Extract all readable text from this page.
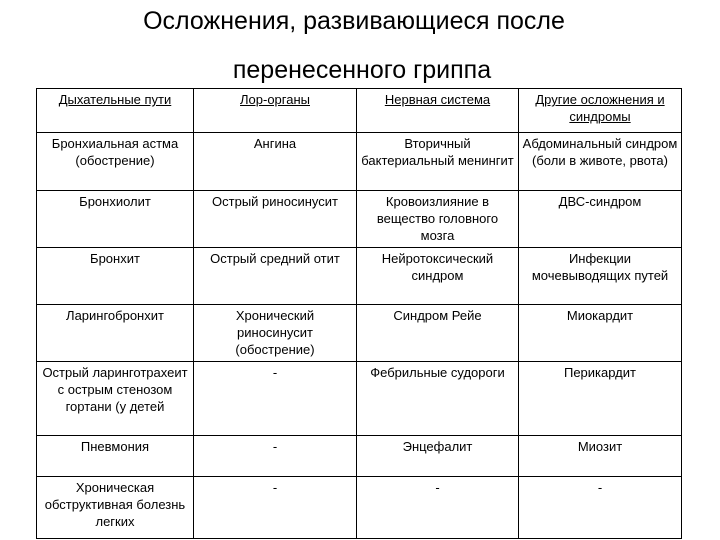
Осложнения, развивающиеся после
перенесенного гриппа
Дыхательные пути	Лор-органы	Нервная система	Другие осложнения и синдромы
Бронхиальная астма (обострение)	Ангина	Вторичный бактериальный менингит	Абдоминальный синдром (боли в животе, рвота)
Бронхиолит	Острый риносинусит	Кровоизлияние в вещество головного мозга	ДВС-синдром
Бронхит	Острый средний отит	Нейротоксический синдром	Инфекции мочевыводящих путей
Ларингобронхит	Хронический риносинусит (обострение)	Синдром Рейе	Миокардит
Острый ларинготрахеит с острым стенозом гортани (у детей	-	Фебрильные судороги	Перикардит
Пневмония	-	Энцефалит	Миозит
Хроническая обструктивная болезнь легких	-	-	-
